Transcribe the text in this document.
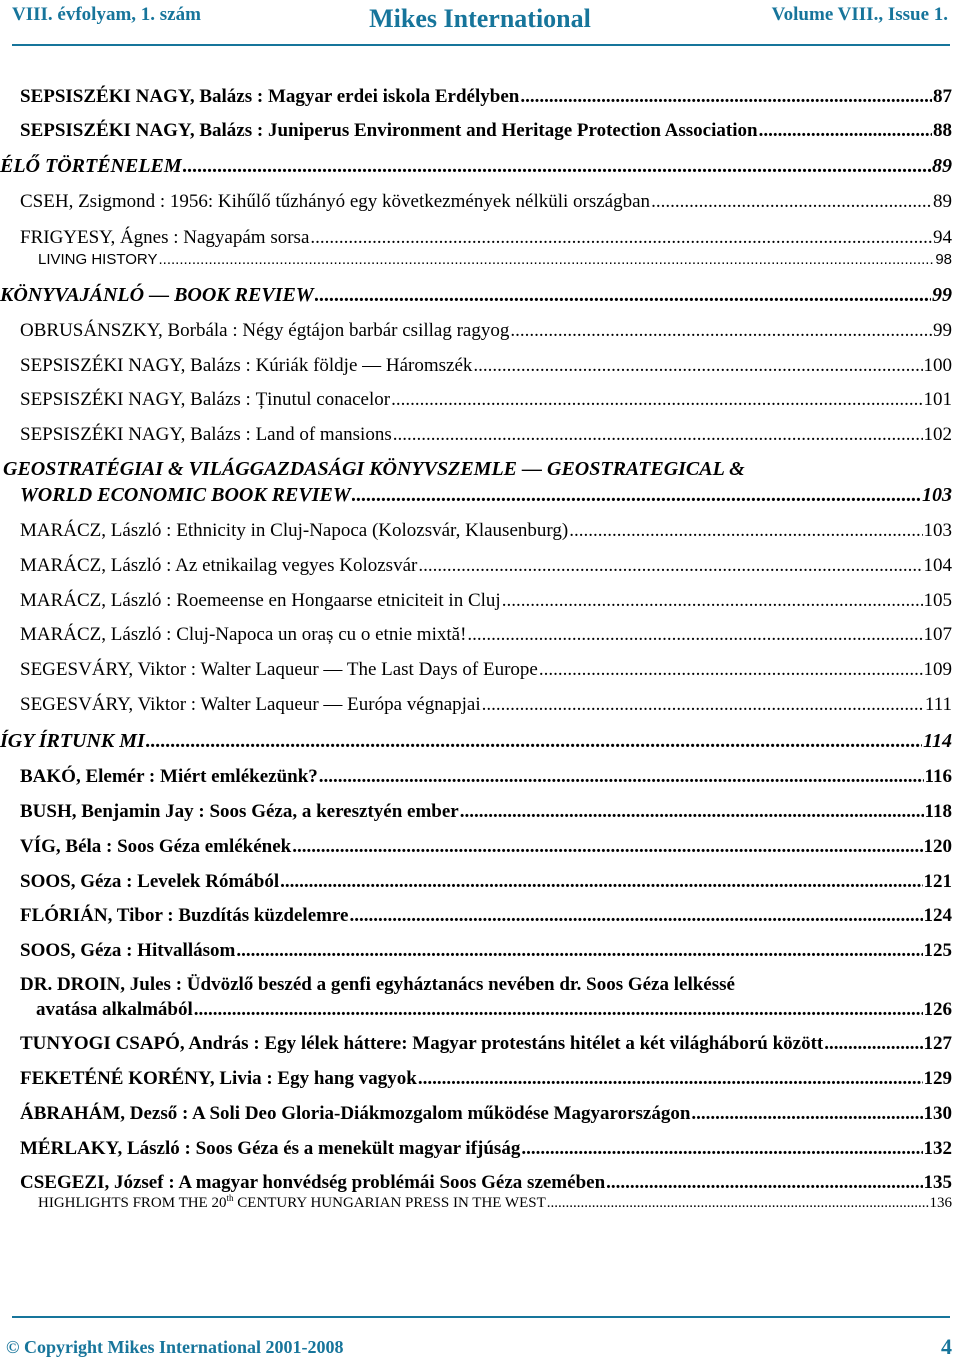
VIII. évfolyam, 1. szám	Mikes International	Volume VIII., Issue 1.
SEPSISZÉKI NAGY, Balázs : Magyar erdei iskola Erdélyben .....	87
SEPSISZÉKI NAGY, Balázs : Juniperus Environment and Heritage Protection Association .....	88
ÉLŐ TÖRTÉNELEM .....	89
CSEH, Zsigmond : 1956: Kihűlő tűzhányó egy következmények nélküli országban .....	89
FRIGYESY, Ágnes : Nagyapám sorsa .....	94
LIVING HISTORY .....	98
KÖNYVAJÁNLÓ — BOOK REVIEW .....	99
OBRUSÁNSZKY, Borbála : Négy égtájon barbár csillag ragyog .....	99
SEPSISZÉKI NAGY, Balázs : Kúriák földje — Háromszék .....	100
SEPSISZÉKI NAGY, Balázs : Ținutul conacelor .....	101
SEPSISZÉKI NAGY, Balázs : Land of mansions .....	102
GEOSTRATÉGIAI & VILÁGGAZDASÁGI KÖNYVSZEMLE — GEOSTRATEGICAL &
WORLD ECONOMIC BOOK REVIEW .....	103
MARÁCZ, László : Ethnicity in Cluj-Napoca (Kolozsvár, Klausenburg) .....	103
MARÁCZ, László : Az etnikailag vegyes Kolozsvár .....	104
MARÁCZ, László : Roemeense en Hongaarse etniciteit in Cluj .....	105
MARÁCZ, László : Cluj-Napoca un oraș cu o etnie mixtă! .....	107
SEGESVÁRY, Viktor : Walter Laqueur — The Last Days of Europe .....	109
SEGESVÁRY, Viktor : Walter Laqueur — Európa végnapjai .....	111
ÍGY ÍRTUNK MI .....	114
BAKÓ, Elemér : Miért emlékezünk? .....	116
BUSH, Benjamin Jay : Soos Géza, a keresztyén ember .....	118
VÍG, Béla : Soos Géza emlékének .....	120
SOOS, Géza : Levelek Rómából .....	121
FLÓRIÁN, Tibor : Buzdítás küzdelemre .....	124
SOOS, Géza : Hitvallásom .....	125
DR. DROIN, Jules : Üdvözlő beszéd a genfi egyháztanács nevében dr. Soos Géza lelkéssé
avatása alkalmából .....	126
TUNYOGI CSAPÓ, András : Egy lélek háttere: Magyar protestáns hitélet a két világháború között .....	127
FEKETÉNÉ KORÉNY, Livia : Egy hang vagyok .....	129
ÁBRAHÁM, Dezső : A Soli Deo Gloria-Diákmozgalom működése Magyarországon .....	130
MÉRLAKY, László : Soos Géza és a menekült magyar ifjúság .....	132
CSEGEZI, József : A magyar honvédség problémái Soos Géza szemében .....	135
HIGHLIGHTS FROM THE 20th CENTURY HUNGARIAN PRESS IN THE WEST .....	136
© Copyright Mikes International 2001-2008	4
